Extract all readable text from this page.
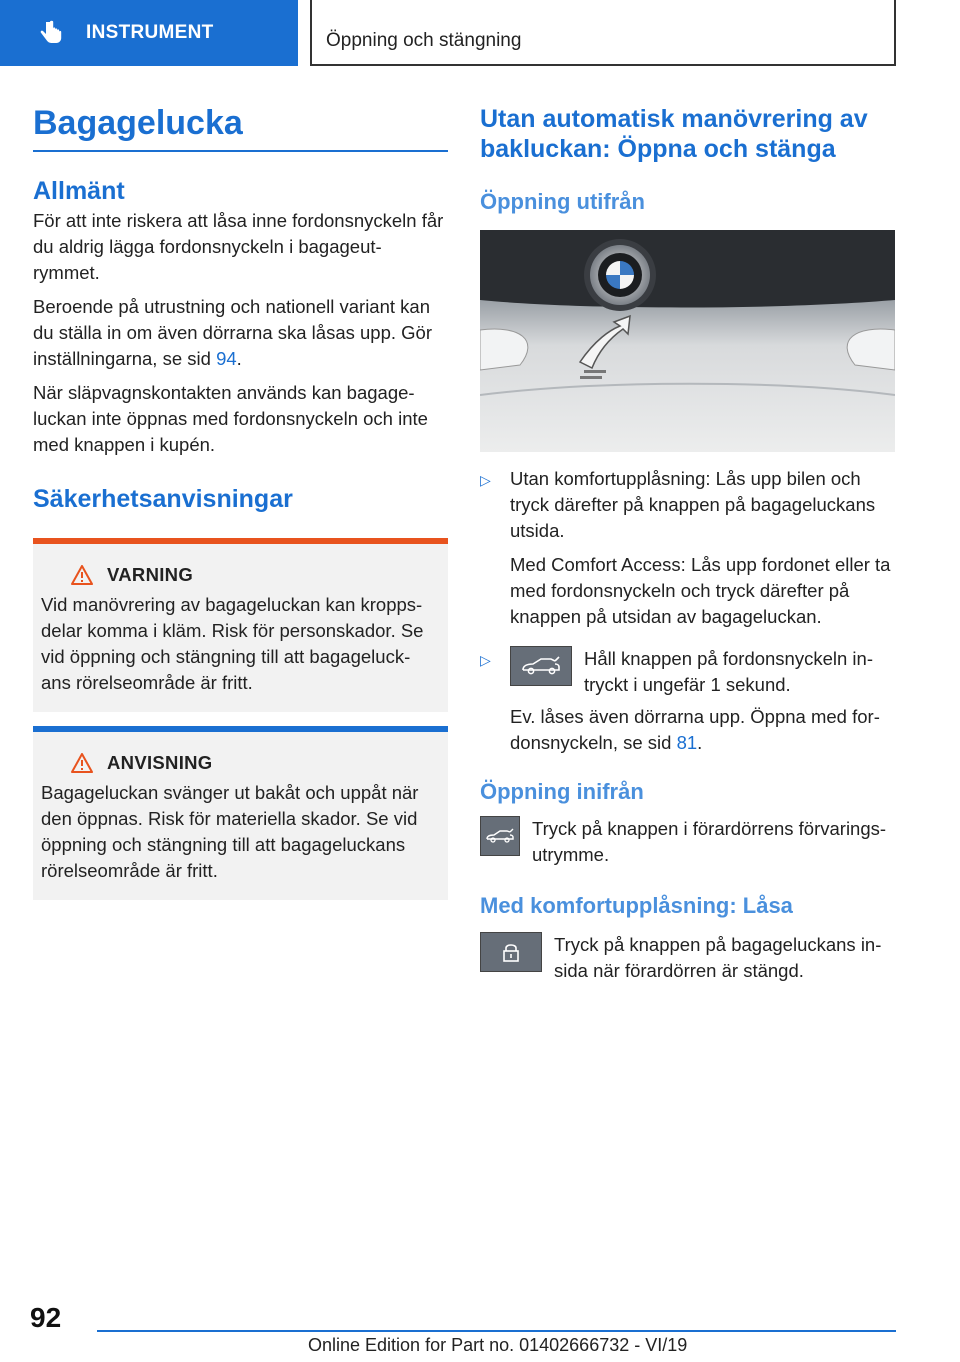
INSTRUMENT	Öppning och stängning
Bagagelucka
Allmänt

För att inte riskera att låsa inne fordonsnyckeln får du aldrig lägga fordonsnyckeln i bagageut‐rymmet.

Beroende på utrustning och nationell variant kan du ställa in om även dörrarna ska låsas upp. Gör inställningarna, se sid 94.

När släpvagnskontakten används kan bagage‐luckan inte öppnas med fordonsnyckeln och inte med knappen i kupén.

Säkerhetsanvisningar
VARNING

Vid manövrering av bagageluckan kan kropps‐delar komma i kläm. Risk för personskador. Se vid öppning och stängning till att bagageluck‐ans rörelseområde är fritt.

ANVISNING

Bagageluckan svänger ut bakåt och uppåt när den öppnas. Risk för materiella skador. Se vid öppning och stängning till att bagageluckans rörelseområde är fritt.

Utan automatisk manövrering av bakluckan: Öppna och stänga
Öppning utifrån
▷ Utan komfortupplåsning: Lås upp bilen och tryck därefter på knappen på bagageluckans utsida.

Med Comfort Access: Lås upp fordonet eller ta med fordonsnyckeln och tryck därefter på knappen på utsidan av bagageluckan.

▷	Håll knappen på fordonsnyckeln in‐tryckt i ungefär 1 sekund.

Ev. låses även dörrarna upp. Öppna med for‐donsnyckeln, se sid 81.

Öppning inifrån

Tryck på knappen i förardörrens förvarings‐utrymme.

Med komfortupplåsning: Låsa

Tryck på knappen på bagageluckans in‐sida när förardörren är stängd.

92
Online Edition for Part no. 01402666732 - VI/19
